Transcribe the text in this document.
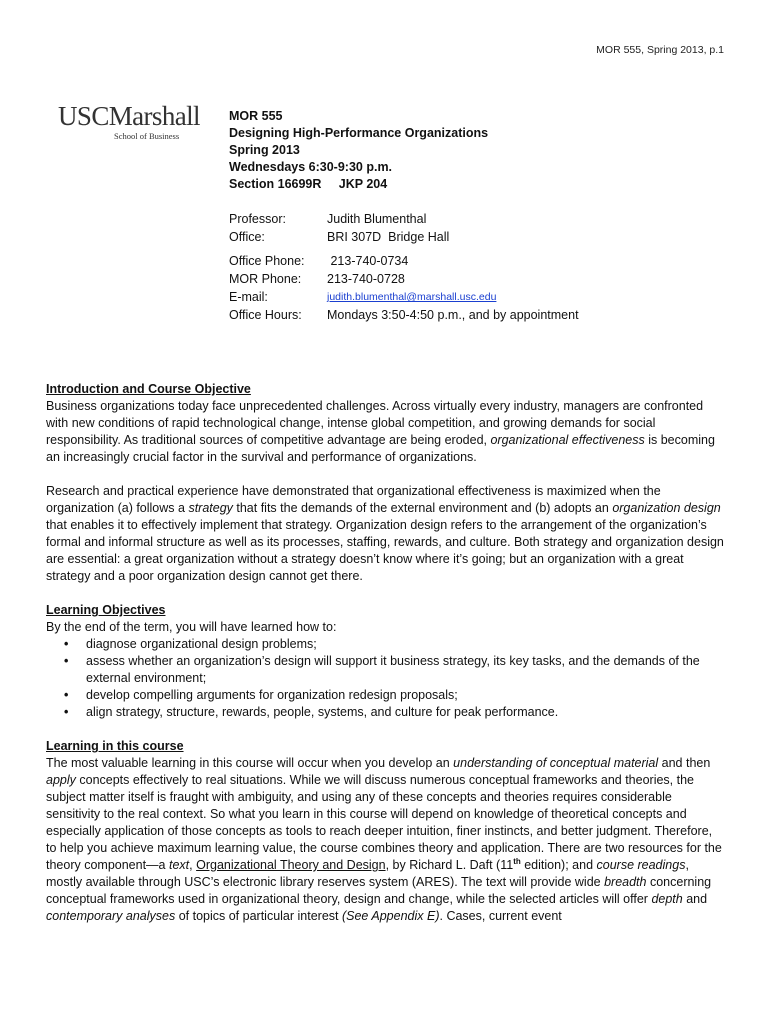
MOR 555, Spring 2013, p.1
USCMarshall
School of Business
MOR 555
Designing High-Performance Organizations
Spring 2013
Wednesdays 6:30-9:30 p.m.
Section 16699R     JKP 204
Professor:	Judith Blumenthal
Office:	BRI 307D  Bridge Hall
Office Phone:	213-740-0734
MOR Phone:	213-740-0728
E-mail:	judith.blumenthal@marshall.usc.edu
Office Hours:	Mondays 3:50-4:50 p.m., and by appointment
Introduction and Course Objective

Business organizations today face unprecedented challenges. Across virtually every industry, managers are confronted with new conditions of rapid technological change, intense global competition, and growing demands for social responsibility. As traditional sources of competitive advantage are being eroded, organizational effectiveness is becoming an increasingly crucial factor in the survival and performance of organizations.

Research and practical experience have demonstrated that organizational effectiveness is maximized when the organization (a) follows a strategy that fits the demands of the external environment and (b) adopts an organization design that enables it to effectively implement that strategy. Organization design refers to the arrangement of the organization’s formal and informal structure as well as its processes, staffing, rewards, and culture. Both strategy and organization design are essential: a great organization without a strategy doesn’t know where it’s going; but an organization with a great strategy and a poor organization design cannot get there.

Learning Objectives
By the end of the term, you will have learned how to:
• diagnose organizational design problems;
• assess whether an organization’s design will support it business strategy, its key tasks, and the demands of the external environment;
• develop compelling arguments for organization redesign proposals;
• align strategy, structure, rewards, people, systems, and culture for peak performance.
Learning in this course

The most valuable learning in this course will occur when you develop an understanding of conceptual material and then apply concepts effectively to real situations. While we will discuss numerous conceptual frameworks and theories, the subject matter itself is fraught with ambiguity, and using any of these concepts and theories requires considerable sensitivity to the real context. So what you learn in this course will depend on knowledge of theoretical concepts and especially application of those concepts as tools to reach deeper intuition, finer instincts, and better judgment. Therefore, to help you achieve maximum learning value, the course combines theory and application. There are two resources for the theory component—a text, Organizational Theory and Design, by Richard L. Daft (11th edition); and course readings, mostly available through USC’s electronic library reserves system (ARES). The text will provide wide breadth concerning conceptual frameworks used in organizational theory, design and change, while the selected articles will offer depth and contemporary analyses of topics of particular interest (See Appendix E). Cases, current event
